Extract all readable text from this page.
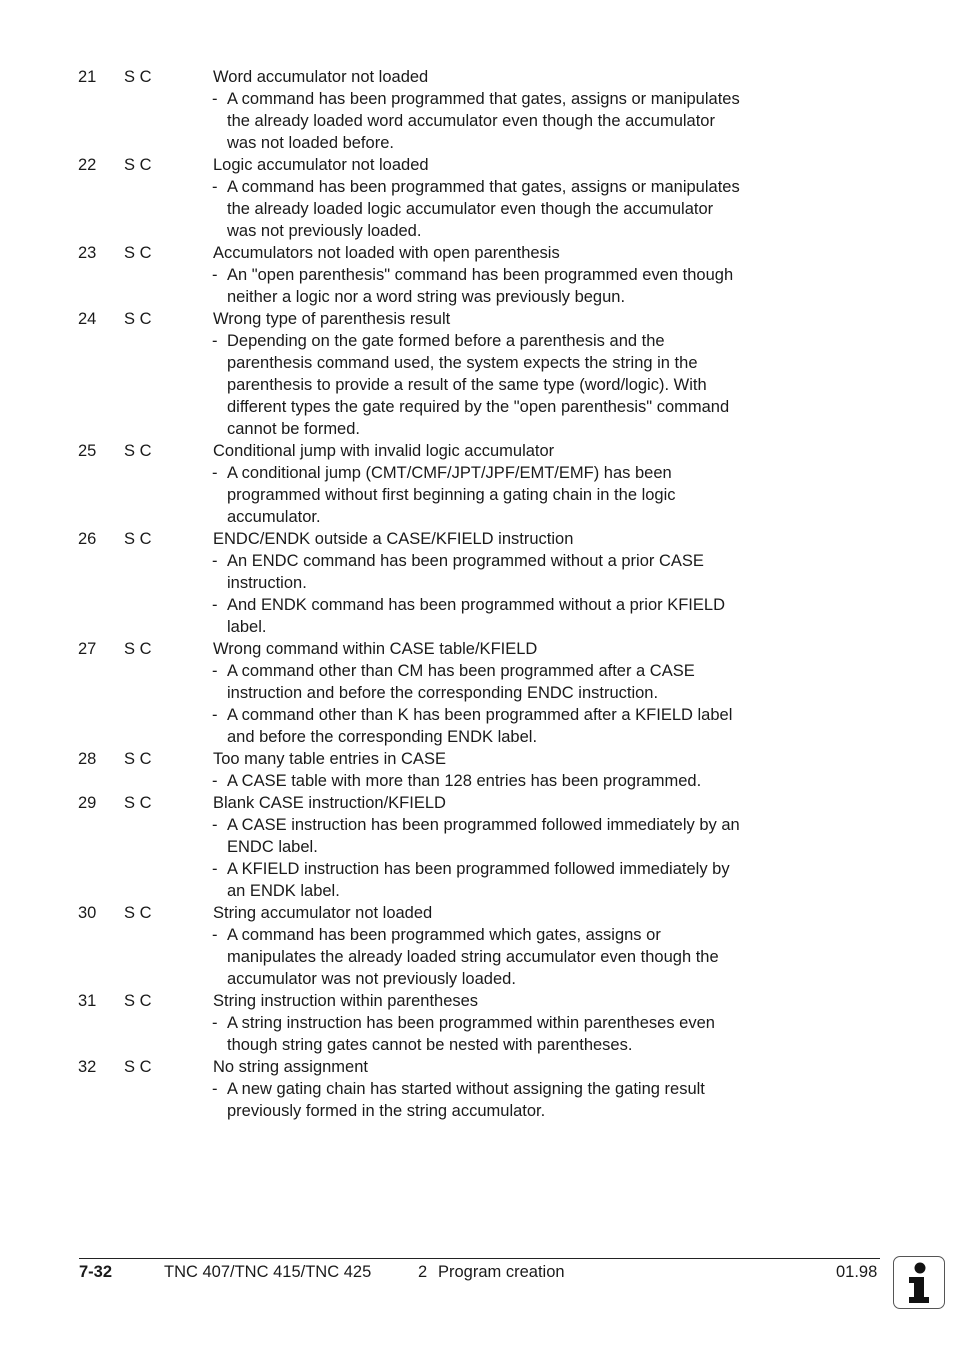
21 S C	Word accumulator not loaded
- A command has been programmed that gates, assigns or manipulates
the already loaded word accumulator even though the accumulator
was not loaded before.
22 S C	Logic accumulator not loaded
- A command has been programmed that gates, assigns or manipulates
the already loaded logic accumulator even though the accumulator
was not previously loaded.
23 S C	Accumulators not loaded with open parenthesis
- An "open parenthesis" command has been programmed even though
neither a logic nor a word string was previously begun.
24 S C	Wrong type of parenthesis result
- Depending on the gate formed before a parenthesis and the
parenthesis command used, the system expects the string in the
parenthesis to provide a result of the same type (word/logic). With
different types the gate required by the "open parenthesis" command
cannot be formed.
25 S C	Conditional jump with invalid logic accumulator
- A conditional jump (CMT/CMF/JPT/JPF/EMT/EMF) has been
programmed without first beginning a gating chain in the logic
accumulator.
26 S C	ENDC/ENDK outside a CASE/KFIELD instruction
- An ENDC command has been programmed without a prior CASE
instruction.
- And ENDK command has been programmed without a prior KFIELD
label.
27 S C	Wrong command within CASE table/KFIELD
- A command other than CM has been programmed after a CASE
instruction and before the corresponding ENDC instruction.
- A command other than K has been programmed after a KFIELD label
and before the corresponding ENDK label.
28 S C	Too many table entries in CASE
- A CASE table with more than 128 entries has been programmed.
29 S C	Blank CASE instruction/KFIELD
- A CASE instruction has been programmed followed immediately by an
ENDC label.
- A KFIELD instruction has been programmed followed immediately by
an ENDK label.
30 S C	String accumulator not loaded
- A command has been programmed which gates, assigns or
manipulates the already loaded string accumulator even though the
accumulator was not previously loaded.
31 S C	String instruction within parentheses
- A string instruction has been programmed within parentheses even
though string gates cannot be nested with parentheses.
32 S C	No string assignment
- A new gating chain has started without assigning the gating result
previously formed in the string accumulator.
7-32	TNC 407/TNC 415/TNC 425	2 Program creation	01.98
